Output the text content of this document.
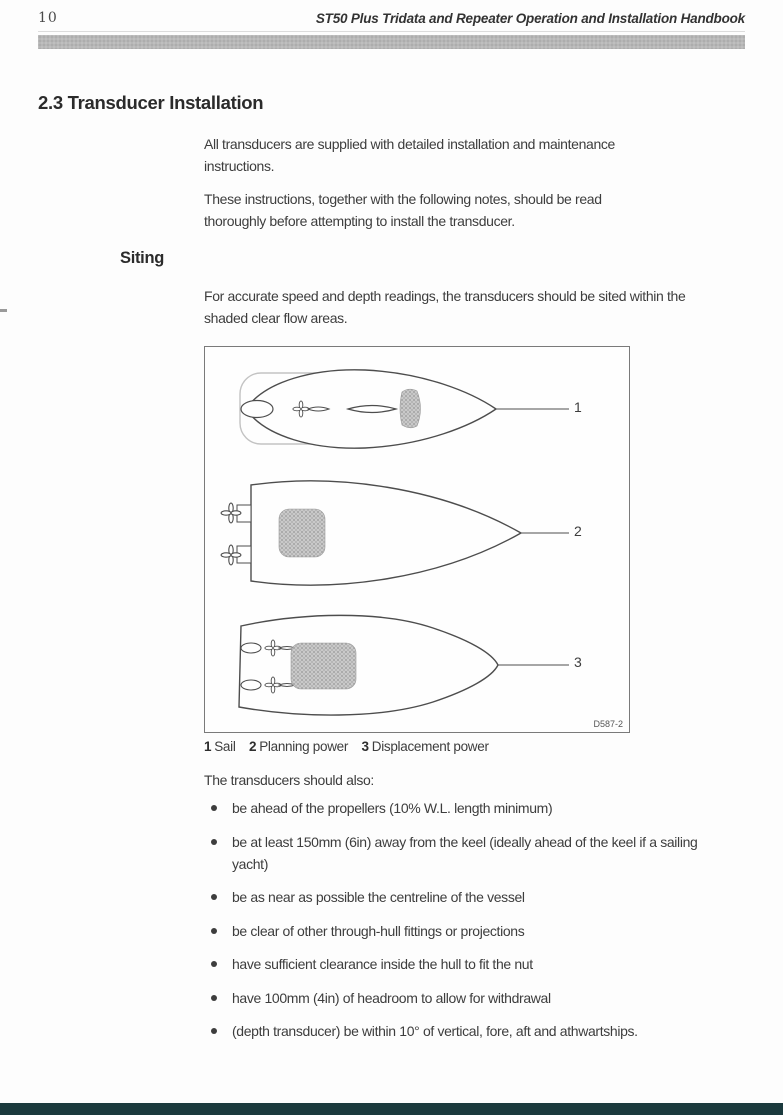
10	ST50 Plus Tridata and Repeater Operation and Installation Handbook
2.3 Transducer Installation
All transducers are supplied with detailed installation and maintenance instructions.
These instructions, together with the following notes, should be read thoroughly before attempting to install the transducer.
Siting
For accurate speed and depth readings, the transducers should be sited within the shaded clear flow areas.
1
2
3
D587-2
1 Sail 2 Planning power 3 Displacement power
The transducers should also:
be ahead of the propellers (10% W.L. length minimum)
be at least 150mm (6in) away from the keel (ideally ahead of the keel if a sailing yacht)
be as near as possible the centreline of the vessel
be clear of other through-hull fittings or projections
have sufficient clearance inside the hull to fit the nut
have 100mm (4in) of headroom to allow for withdrawal
(depth transducer) be within 10° of vertical, fore, aft and athwartships.
